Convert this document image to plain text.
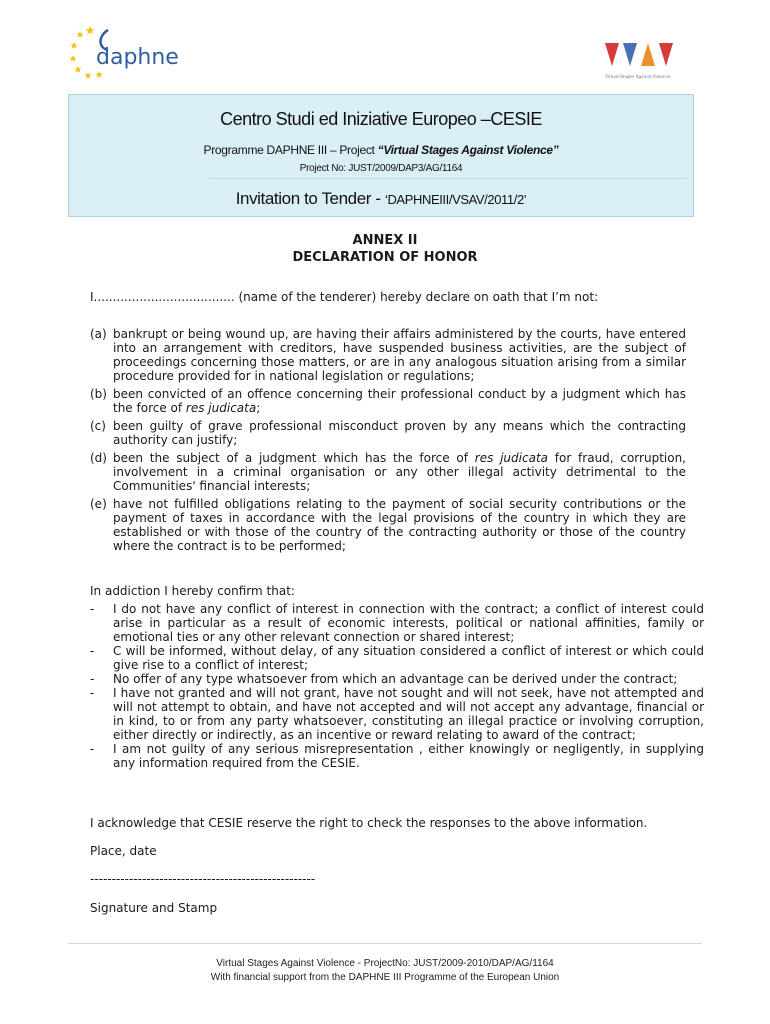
daphne
Virtual Stages Against Violence
Centro Studi ed Iniziative Europeo –CESIE
Programme DAPHNE III – Project “Virtual Stages Against Violence”
Project No: JUST/2009/DAP3/AG/1164
Invitation to Tender - ‘DAPHNEIII/VSAV/2011/2’
ANNEX II
DECLARATION OF HONOR
I..................................... (name of the tenderer) hereby declare on oath that I’m not:
(a) bankrupt or being wound up, are having their affairs administered by the courts, have entered into an arrangement with creditors, have suspended business activities, are the subject of proceedings concerning those matters, or are in any analogous situation arising from a similar procedure provided for in national legislation or regulations;
(b) been convicted of an offence concerning their professional conduct by a judgment which has the force of res judicata;
(c) been guilty of grave professional misconduct proven by any means which the contracting authority can justify;
(d) been the subject of a judgment which has the force of res judicata for fraud, corruption, involvement in a criminal organisation or any other illegal activity detrimental to the Communities' financial interests;
(e) have not fulfilled obligations relating to the payment of social security contributions or the payment of taxes in accordance with the legal provisions of the country in which they are established or with those of the country of the contracting authority or those of the country where the contract is to be performed;
In addiction I hereby confirm that:
-	I do not have any conflict of interest in connection with the contract; a conflict of interest could arise in particular as a result of economic interests, political or national affinities, family or emotional ties or any other relevant connection or shared interest;
-	C will be informed, without delay, of any situation considered a conflict of interest or which could give rise to a conflict of interest;
-	No offer of any type whatsoever from which an advantage can be derived under the contract;
-	I have not granted and will not grant, have not sought and will not seek, have not attempted and will not attempt to obtain, and have not accepted and will not accept any advantage, financial or in kind, to or from any party whatsoever, constituting an illegal practice or involving corruption, either directly or indirectly, as an incentive or reward relating to award of the contract;
-	I am not guilty of any serious misrepresentation , either knowingly or negligently, in supplying any information required from the CESIE.
I acknowledge that CESIE reserve the right to check the responses to the above information.
Place, date
----------------------------------------------------
Signature and Stamp
Virtual Stages Against Violence - ProjectNo: JUST/2009-2010/DAP/AG/1164
With financial support from the DAPHNE III Programme of the European Union
